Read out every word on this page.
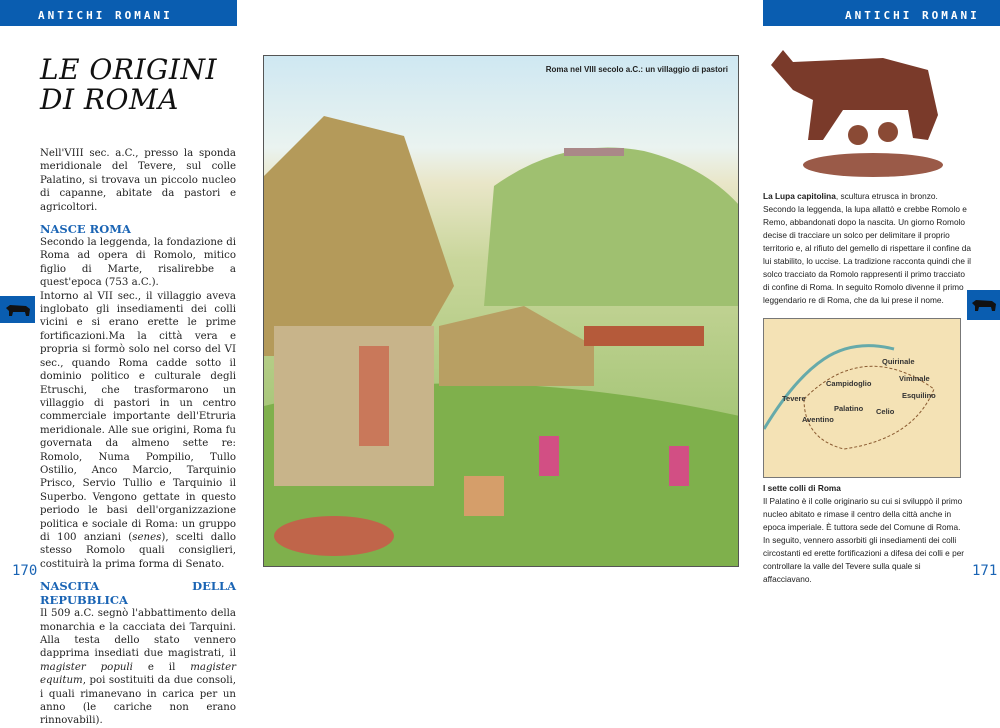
ANTICHI ROMANI	ANTICHI ROMANI
LE ORIGINI
DI ROMA

Nell'VIII sec. a.C., presso la sponda meridionale del Tevere, sul colle Palatino, si trovava un piccolo nucleo di capanne, abitate da pastori e agricoltori.

NASCE ROMA

Secondo la leggenda, la fondazione di Roma ad opera di Romolo, mitico figlio di Marte, risalirebbe a quest'epoca (753 a.C.).

Intorno al VII sec., il villaggio aveva inglobato gli insediamenti dei colli vicini e si erano erette le prime fortificazioni.Ma la città vera e propria si formò solo nel corso del VI sec., quando Roma cadde sotto il dominio politico e culturale degli Etruschi, che trasformarono un villaggio di pastori in un centro commerciale importante dell'Etruria meridionale. Alle sue origini, Roma fu governata da almeno sette re: Romolo, Numa Pompilio, Tullo Ostilio, Anco Marcio, Tarquinio Prisco, Servio Tullio e Tarquinio il Superbo. Vengono gettate in questo periodo le basi dell'organizzazione politica e sociale di Roma: un gruppo di 100 anziani (senes), scelti dallo stesso Romolo quali consiglieri, costituirà la prima forma di Senato.

NASCITA DELLA REPUBBLICA

Il 509 a.C. segnò l'abbattimento della monarchia e la cacciata dei Tarquini. Alla testa dello stato vennero dapprima insediati due magistrati, il magister populi e il magister equitum, poi sostituiti da due consoli, i quali rimanevano in carica per un anno (le cariche non erano rinnovabili).

Roma nel VIII secolo a.C.: un villaggio di pastori
La Lupa capitolina, scultura etrusca in bronzo. Secondo la leggenda, la lupa allattò e crebbe Romolo e Remo, abbandonati dopo la nascita. Un giorno Romolo decise di tracciare un solco per delimitare il proprio territorio e, al rifiuto del gemello di rispettare il confine da lui stabilito, lo uccise. La tradizione racconta quindi che il solco tracciato da Romolo rappresenti il primo tracciato di confine di Roma. In seguito Romolo divenne il primo leggendario re di Roma, che da lui prese il nome.
Quirinale
Viminale
Campidoglio
Esquilino
Tevere
Palatino Celio
Aventino
I sette colli di Roma
Il Palatino è il colle originario su cui si sviluppò il primo nucleo abitato e rimase il centro della città anche in epoca imperiale. È tuttora sede del Comune di Roma.
In seguito, vennero assorbiti gli insediamenti dei colli circostanti ed erette fortificazioni a difesa dei colli e per controllare la valle del Tevere sulla quale si affacciavano.
170	171
